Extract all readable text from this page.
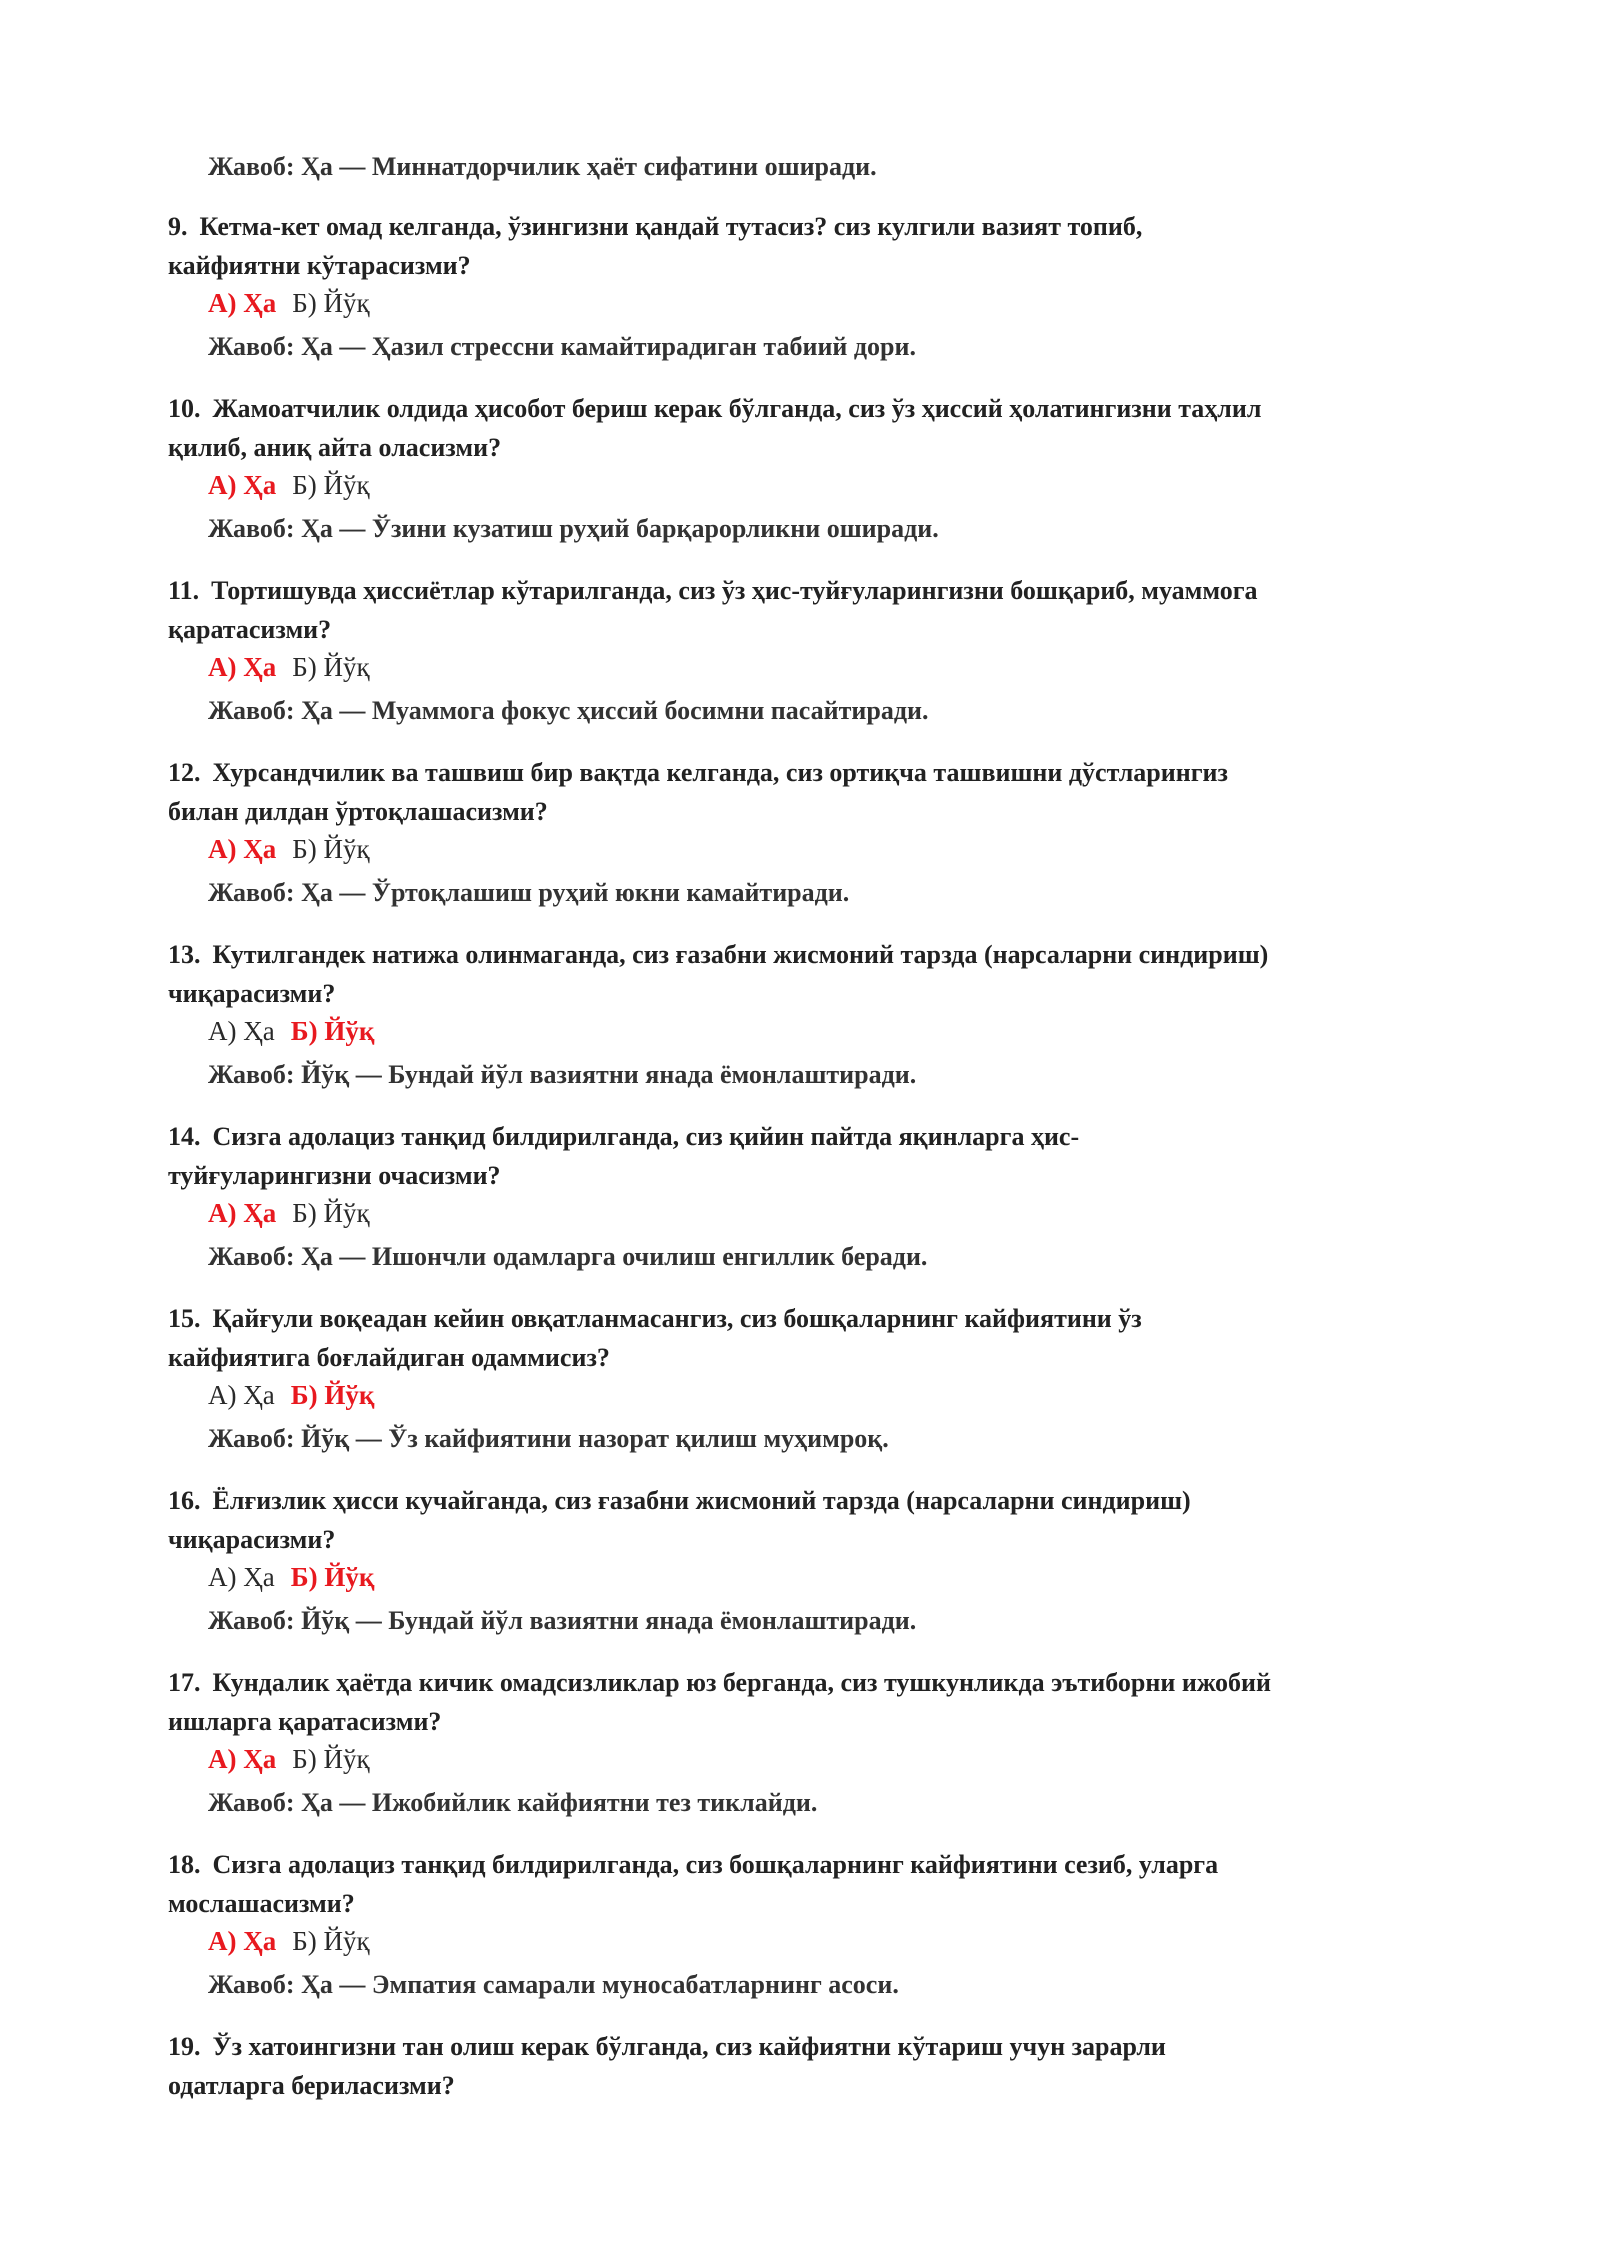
Жавоб: Ҳа — Миннатдорчилик ҳаёт сифатини оширади.
9. Кетма-кет омад келганда, ўзингизни қандай тутасиз? сиз кулгили вазият топиб,
кайфиятни кўтарасизми?
А) Ҳа Б) Йўқ
Жавоб: Ҳа — Ҳазил стрессни камайтирадиган табиий дори.
10. Жамоатчилик олдида ҳисобот бериш керак бўлганда, сиз ўз ҳиссий ҳолатингизни таҳлил
қилиб, аниқ айта оласизми?
А) Ҳа Б) Йўқ
Жавоб: Ҳа — Ўзини кузатиш руҳий барқарорликни оширади.
11. Тортишувда ҳиссиётлар кўтарилганда, сиз ўз ҳис-туйғуларингизни бошқариб, муаммога
қаратасизми?
А) Ҳа Б) Йўқ
Жавоб: Ҳа — Муаммога фокус ҳиссий босимни пасайтиради.
12. Хурсандчилик ва ташвиш бир вақтда келганда, сиз ортиқча ташвишни дўстларингиз
билан дилдан ўртоқлашасизми?
А) Ҳа Б) Йўқ
Жавоб: Ҳа — Ўртоқлашиш руҳий юкни камайтиради.
13. Кутилгандек натижа олинмаганда, сиз ғазабни жисмоний тарзда (нарсаларни синдириш)
чиқарасизми?
А) Ҳа Б) Йўқ
Жавоб: Йўқ — Бундай йўл вазиятни янада ёмонлаштиради.
14. Сизга адолациз танқид билдирилганда, сиз қийин пайтда яқинларга ҳис-
туйғуларингизни очасизми?
А) Ҳа Б) Йўқ
Жавоб: Ҳа — Ишончли одамларга очилиш енгиллик беради.
15. Қайғули воқеадан кейин овқатланмасангиз, сиз бошқаларнинг кайфиятини ўз
кайфиятига боғлайдиган одаммисиз?
А) Ҳа Б) Йўқ
Жавоб: Йўқ — Ўз кайфиятини назорат қилиш муҳимроқ.
16. Ёлғизлик ҳисси кучайганда, сиз ғазабни жисмоний тарзда (нарсаларни синдириш)
чиқарасизми?
А) Ҳа Б) Йўқ
Жавоб: Йўқ — Бундай йўл вазиятни янада ёмонлаштиради.
17. Кундалик ҳаётда кичик омадсизликлар юз берганда, сиз тушкунликда эътиборни ижобий
ишларга қаратасизми?
А) Ҳа Б) Йўқ
Жавоб: Ҳа — Ижобийлик кайфиятни тез тиклайди.
18. Сизга адолациз танқид билдирилганда, сиз бошқаларнинг кайфиятини сезиб, уларга
мослашасизми?
А) Ҳа Б) Йўқ
Жавоб: Ҳа — Эмпатия самарали муносабатларнинг асоси.
19. Ўз хатоингизни тан олиш керак бўлганда, сиз кайфиятни кўтариш учун зарарли
одатларга бериласизми?
